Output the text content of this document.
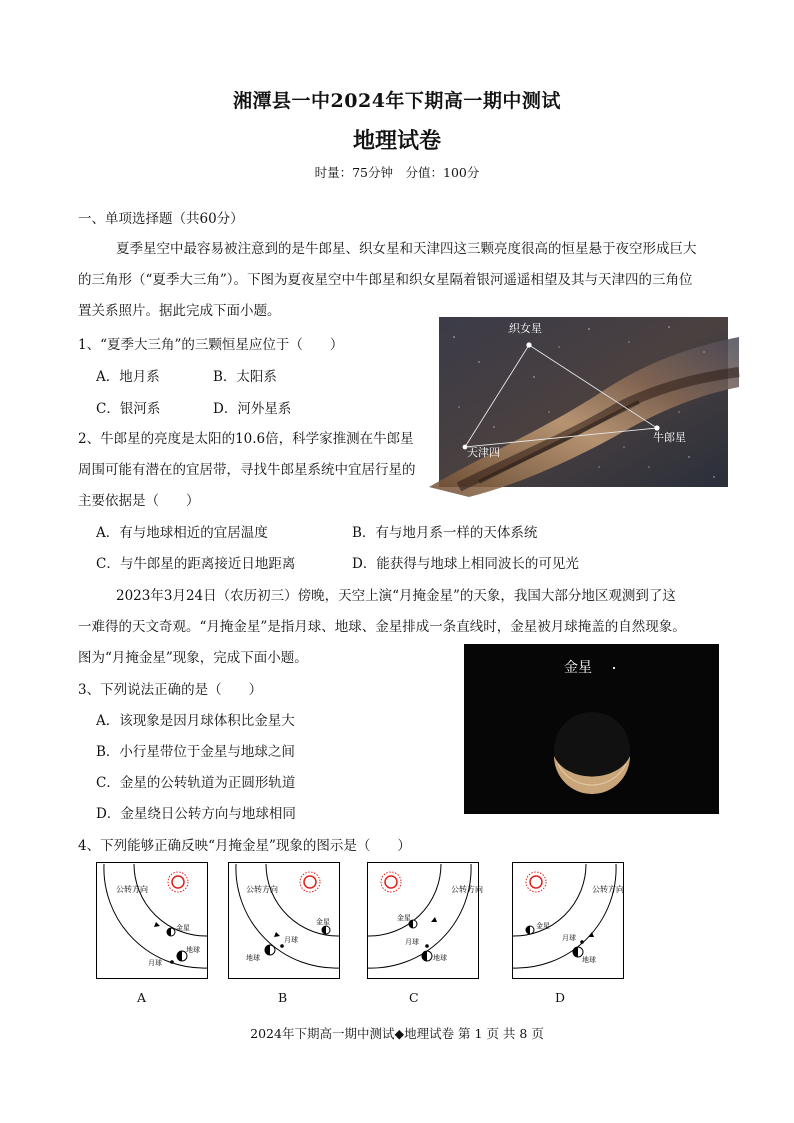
湘潭县一中2024年下期高一期中测试
地理试卷
时量：75分钟　分值：100分
一、单项选择题（共60分）
夏季星空中最容易被注意到的是牛郎星、织女星和天津四这三颗亮度很高的恒星悬于夜空形成巨大
的三角形（“夏季大三角”）。下图为夏夜星空中牛郎星和织女星隔着银河遥遥相望及其与天津四的三角位
置关系照片。据此完成下面小题。
织女星
天津四
牛郎星
1、“夏季大三角”的三颗恒星应位于（　　）
A．地月系	B．太阳系
C．银河系	D．河外星系
2、牛郎星的亮度是太阳的10.6倍，科学家推测在牛郎星
周围可能有潜在的宜居带，寻找牛郎星系统中宜居行星的
主要依据是（　　）
A．有与地球相近的宜居温度	B．有与地月系一样的天体系统
C．与牛郎星的距离接近日地距离	D．能获得与地球上相同波长的可见光
2023年3月24日（农历初三）傍晚，天空上演“月掩金星”的天象，我国大部分地区观测到了这
一难得的天文奇观。“月掩金星”是指月球、地球、金星排成一条直线时，金星被月球掩盖的自然现象。
图为“月掩金星”现象，完成下面小题。
金星
3、下列说法正确的是（　　）
A．该现象是因月球体积比金星大
B．小行星带位于金星与地球之间
C．金星的公转轨道为正圆形轨道
D．金星绕日公转方向与地球相同
4、下列能够正确反映“月掩金星”现象的图示是（　　）
公转方向
金星
地球
月球
公转方向
金星
地球
月球
公转方向
金星
地球
月球
公转方向
金星
地球
月球
A	B	C	D
2024年下期高一期中测试◆地理试卷 第 1 页 共 8 页
